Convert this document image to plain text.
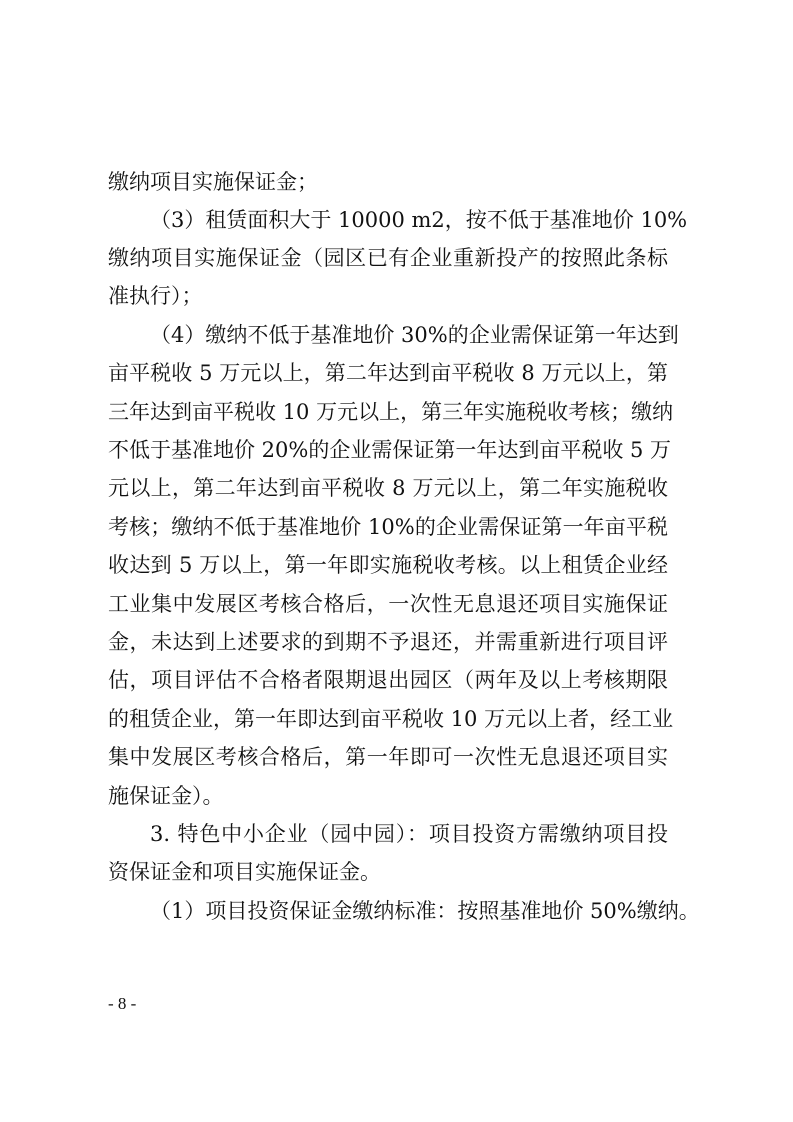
缴纳项目实施保证金；
（3）租赁面积大于 10000 m2，按不低于基准地价 10%
缴纳项目实施保证金（园区已有企业重新投产的按照此条标
准执行）；
（4）缴纳不低于基准地价 30%的企业需保证第一年达到
亩平税收 5 万元以上，第二年达到亩平税收 8 万元以上，第
三年达到亩平税收 10 万元以上，第三年实施税收考核；缴纳
不低于基准地价 20%的企业需保证第一年达到亩平税收 5 万
元以上，第二年达到亩平税收 8 万元以上，第二年实施税收
考核；缴纳不低于基准地价 10%的企业需保证第一年亩平税
收达到 5 万以上，第一年即实施税收考核。以上租赁企业经
工业集中发展区考核合格后，一次性无息退还项目实施保证
金，未达到上述要求的到期不予退还，并需重新进行项目评
估，项目评估不合格者限期退出园区（两年及以上考核期限
的租赁企业，第一年即达到亩平税收 10 万元以上者，经工业
集中发展区考核合格后，第一年即可一次性无息退还项目实
施保证金）。
3. 特色中小企业（园中园）：项目投资方需缴纳项目投
资保证金和项目实施保证金。
（1）项目投资保证金缴纳标准：按照基准地价 50%缴纳。
- 8 -
